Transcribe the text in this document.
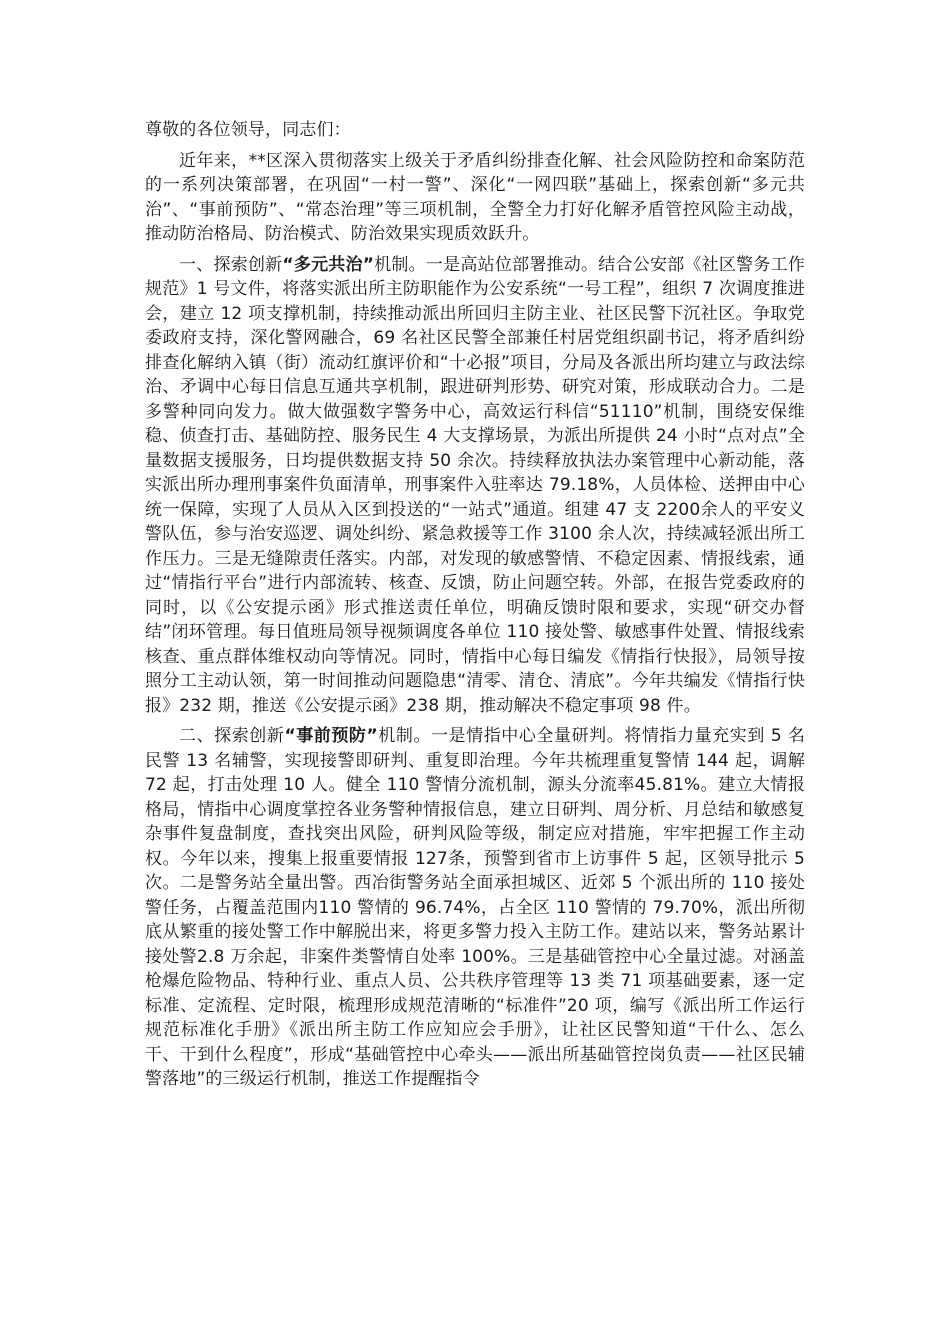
尊敬的各位领导，同志们：

近年来，**区深入贯彻落实上级关于矛盾纠纷排查化解、社会风险防控和命案防范的一系列决策部署，在巩固“一村一警”、深化“一网四联”基础上，探索创新“多元共治”、“事前预防”、“常态治理”等三项机制，全警全力打好化解矛盾管控风险主动战，推动防治格局、防治模式、防治效果实现质效跃升。

一、探索创新“多元共治”机制。一是高站位部署推动。结合公安部《社区警务工作规范》1 号文件，将落实派出所主防职能作为公安系统“一号工程”，组织 7 次调度推进会，建立 12 项支撑机制，持续推动派出所回归主防主业、社区民警下沉社区。争取党委政府支持，深化警网融合，69 名社区民警全部兼任村居党组织副书记，将矛盾纠纷排查化解纳入镇（街）流动红旗评价和“十必报”项目，分局及各派出所均建立与政法综治、矛调中心每日信息互通共享机制，跟进研判形势、研究对策，形成联动合力。二是多警种同向发力。做大做强数字警务中心，高效运行科信“51110”机制，围绕安保维稳、侦查打击、基础防控、服务民生 4 大支撑场景，为派出所提供 24 小时“点对点”全量数据支援服务，日均提供数据支持 50 余次。持续释放执法办案管理中心新动能，落实派出所办理刑事案件负面清单，刑事案件入驻率达 79.18%，人员体检、送押由中心统一保障，实现了人员从入区到投送的“一站式”通道。组建 47 支 2200余人的平安义警队伍，参与治安巡逻、调处纠纷、紧急救援等工作 3100 余人次，持续减轻派出所工作压力。三是无缝隙责任落实。内部，对发现的敏感警情、不稳定因素、情报线索，通过“情指行平台”进行内部流转、核查、反馈，防止问题空转。外部，在报告党委政府的同时，以《公安提示函》形式推送责任单位，明确反馈时限和要求，实现“研交办督结”闭环管理。每日值班局领导视频调度各单位 110 接处警、敏感事件处置、情报线索核查、重点群体维权动向等情况。同时，情指中心每日编发《情指行快报》，局领导按照分工主动认领，第一时间推动问题隐患“清零、清仓、清底”。今年共编发《情指行快报》232 期，推送《公安提示函》238 期，推动解决不稳定事项 98 件。

二、探索创新“事前预防”机制。一是情指中心全量研判。将情指力量充实到 5 名民警 13 名辅警，实现接警即研判、重复即治理。今年共梳理重复警情 144 起，调解 72 起，打击处理 10 人。健全 110 警情分流机制，源头分流率45.81%。建立大情报格局，情指中心调度掌控各业务警种情报信息，建立日研判、周分析、月总结和敏感复杂事件复盘制度，查找突出风险，研判风险等级，制定应对措施，牢牢把握工作主动权。今年以来，搜集上报重要情报 127条，预警到省市上访事件 5 起，区领导批示 5 次。二是警务站全量出警。西冶街警务站全面承担城区、近郊 5 个派出所的 110 接处警任务，占覆盖范围内110 警情的 96.74%，占全区 110 警情的 79.70%，派出所彻底从繁重的接处警工作中解脱出来，将更多警力投入主防工作。建站以来，警务站累计接处警2.8 万余起，非案件类警情自处率 100%。三是基础管控中心全量过滤。对涵盖枪爆危险物品、特种行业、重点人员、公共秩序管理等 13 类 71 项基础要素，逐一定标准、定流程、定时限，梳理形成规范清晰的“标准件”20 项，编写《派出所工作运行规范标准化手册》《派出所主防工作应知应会手册》，让社区民警知道“干什么、怎么干、干到什么程度”，形成“基础管控中心牵头——派出所基础管控岗负责——社区民辅警落地”的三级运行机制，推送工作提醒指令
